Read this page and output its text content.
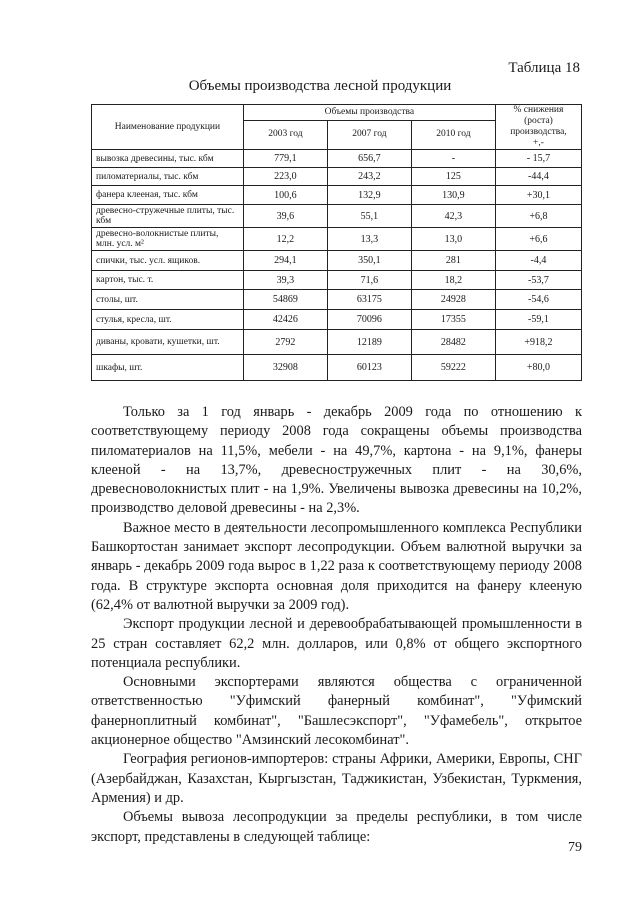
Таблица 18
Объемы производства лесной продукции
Наименование продукции	Объемы производства			% снижения (роста) производства, +,-
	2003 год	2007 год	2010 год	
вывозка древесины, тыс. кбм	779,1	656,7	-	- 15,7
пиломатериалы, тыс. кбм	223,0	243,2	125	-44,4
фанера клееная, тыс. кбм	100,6	132,9	130,9	+30,1
древесно-стружечные плиты, тыс. кбм	39,6	55,1	42,3	+6,8
древесно-волокнистые плиты, млн. усл. м²	12,2	13,3	13,0	+6,6
спички, тыс. усл. ящиков.	294,1	350,1	281	-4,4
картон, тыс. т.	39,3	71,6	18,2	-53,7
столы, шт.	54869	63175	24928	-54,6
стулья, кресла, шт.	42426	70096	17355	-59,1
диваны, кровати, кушетки, шт.	2792	12189	28482	+918,2
шкафы, шт.	32908	60123	59222	+80,0

Только за 1 год январь - декабрь 2009 года по отношению к соответствующему периоду 2008 года сокращены объемы производства пиломатериалов на 11,5%, мебели - на 49,7%, картона - на 9,1%, фанеры клееной - на 13,7%, древесностружечных плит - на 30,6%, древесноволокнистых плит - на 1,9%. Увеличены вывозка древесины на 10,2%, производство деловой древесины - на 2,3%.

Важное место в деятельности лесопромышленного комплекса Республики Башкортостан занимает экспорт лесопродукции. Объем валютной выручки за январь - декабрь 2009 года вырос в 1,22 раза к соответствующему периоду 2008 года. В структуре экспорта основная доля приходится на фанеру клееную (62,4% от валютной выручки за 2009 год).

Экспорт продукции лесной и деревообрабатывающей промышленности в 25 стран составляет 62,2 млн. долларов, или 0,8% от общего экспортного потенциала республики.

Основными экспортерами являются общества с ограниченной ответственностью "Уфимский фанерный комбинат", "Уфимский фанерноплитный комбинат", "Башлесэкспорт", "Уфамебель", открытое акционерное общество "Амзинский лесокомбинат".

География регионов-импортеров: страны Африки, Америки, Европы, СНГ (Азербайджан, Казахстан, Кыргызстан, Таджикистан, Узбекистан, Туркмения, Армения) и др.

Объемы вывоза лесопродукции за пределы республики, в том числе экспорт, представлены в следующей таблице:

79
